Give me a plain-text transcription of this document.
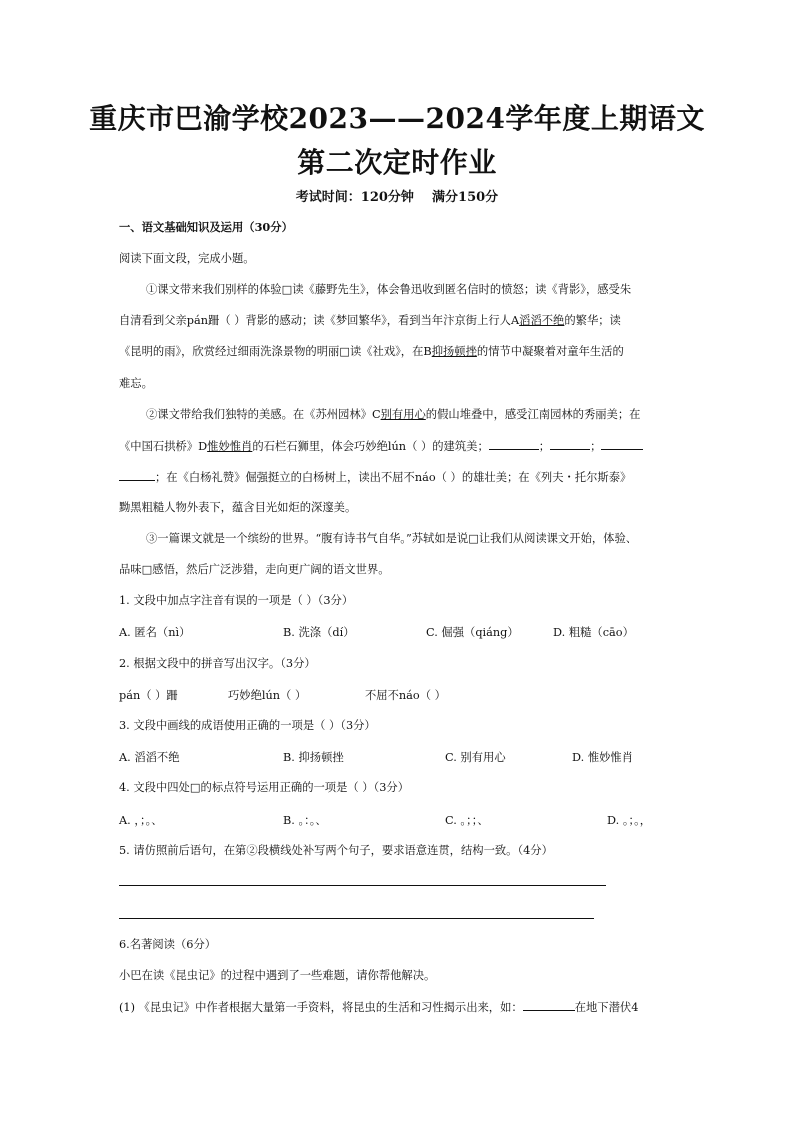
重庆市巴渝学校2023——2024学年度上期语文
第二次定时作业
考试时间：120分钟    满分150分
一、语文基础知识及运用（30分）
阅读下面文段，完成小题。
①课文带来我们别样的体验□读《藤野先生》，体会鲁迅收到匿名信时的愤怒；读《背影》，感受朱
自清看到父亲pán跚（ ）背影的感动；读《梦回繁华》，看到当年汴京街上行人A滔滔不绝的繁华；读
《昆明的雨》，欣赏经过细雨洗涤景物的明丽□读《社戏》，在B抑扬顿挫的情节中凝聚着对童年生活的
难忘。
②课文带给我们独特的美感。在《苏州园林》C别有用心的假山堆叠中，感受江南园林的秀丽美；在
《中国石拱桥》D惟妙惟肖的石栏石狮里，体会巧妙绝lún（ ）的建筑美；	；	；
；在《白杨礼赞》倔强挺立的白杨树上，读出不屈不náo（ ）的雄壮美；在《列夫・托尔斯泰》
黝黑粗糙人物外表下，蕴含目光如炬的深邃美。
③一篇课文就是一个缤纷的世界。“腹有诗书气自华。”苏轼如是说□让我们从阅读课文开始，体验、
品味□感悟，然后广泛涉猎，走向更广阔的语文世界。
1. 文段中加点字注音有误的一项是（ ）（3分）
A. 匿名（nì）	B. 洗涤（dí）	C. 倔强（qiáng）	D. 粗糙（cāo）
2. 根据文段中的拼音写出汉字。（3分）
pán（ ）跚	巧妙绝lún（ ）	不屈不náo（ ）
3. 文段中画线的成语使用正确的一项是（ ）（3分）
A. 滔滔不绝	B. 抑扬顿挫	C. 别有用心	D. 惟妙惟肖
4. 文段中四处□的标点符号运用正确的一项是（ ）（3分）
A. ，；。、	B. 。：。、	C. 。；；、	D. 。；。，
5. 请仿照前后语句，在第②段横线处补写两个句子，要求语意连贯，结构一致。（4分）
6.名著阅读（6分）
小巴在读《昆虫记》的过程中遇到了一些难题，请你帮他解决。
(1) 《昆虫记》中作者根据大量第一手资料，将昆虫的生活和习性揭示出来，如：	在地下潜伏4
